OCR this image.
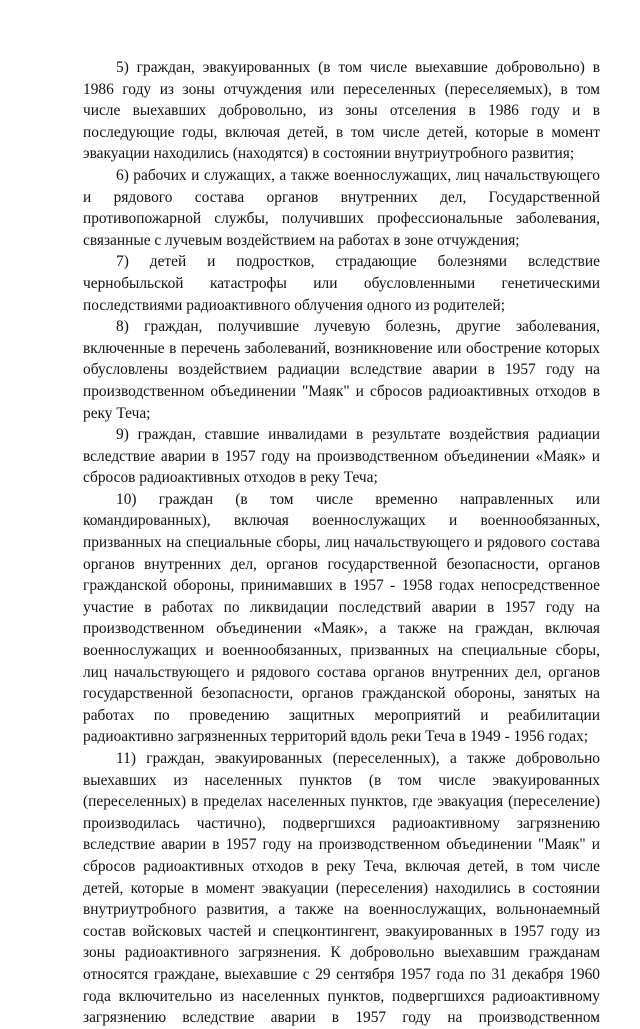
5) граждан, эвакуированных (в том числе выехавшие добровольно) в
1986 году из зоны отчуждения или переселенных (переселяемых), в том
числе выехавших добровольно, из зоны отселения в 1986 году и в
последующие годы, включая детей, в том числе детей, которые в момент
эвакуации находились (находятся) в состоянии внутриутробного развития;
6) рабочих и служащих, а также военнослужащих, лиц начальствующего
и рядового состава органов внутренних дел, Государственной
противопожарной службы, получивших профессиональные заболевания,
связанные с лучевым воздействием на работах в зоне отчуждения;
7) детей и подростков, страдающие болезнями вследствие
чернобыльской катастрофы или обусловленными генетическими
последствиями радиоактивного облучения одного из родителей;
8) граждан, получившие лучевую болезнь, другие заболевания,
включенные в перечень заболеваний, возникновение или обострение которых
обусловлены воздействием радиации вследствие аварии в 1957 году на
производственном объединении "Маяк" и сбросов радиоактивных отходов в
реку Теча;
9) граждан, ставшие инвалидами в результате воздействия радиации
вследствие аварии в 1957 году на производственном объединении «Маяк» и
сбросов радиоактивных отходов в реку Теча;
10) граждан (в том числе временно направленных или
командированных), включая военнослужащих и военнообязанных,
призванных на специальные сборы, лиц начальствующего и рядового состава
органов внутренних дел, органов государственной безопасности, органов
гражданской обороны, принимавших в 1957 - 1958 годах непосредственное
участие в работах по ликвидации последствий аварии в 1957 году на
производственном объединении «Маяк», а также на граждан, включая
военнослужащих и военнообязанных, призванных на специальные сборы,
лиц начальствующего и рядового состава органов внутренних дел, органов
государственной безопасности, органов гражданской обороны, занятых на
работах по проведению защитных мероприятий и реабилитации
радиоактивно загрязненных территорий вдоль реки Теча в 1949 - 1956 годах;
11) граждан, эвакуированных (переселенных), а также добровольно
выехавших из населенных пунктов (в том числе эвакуированных
(переселенных) в пределах населенных пунктов, где эвакуация (переселение)
производилась частично), подвергшихся радиоактивному загрязнению
вследствие аварии в 1957 году на производственном объединении "Маяк" и
сбросов радиоактивных отходов в реку Теча, включая детей, в том числе
детей, которые в момент эвакуации (переселения) находились в состоянии
внутриутробного развития, а также на военнослужащих, вольнонаемный
состав войсковых частей и спецконтингент, эвакуированных в 1957 году из
зоны радиоактивного загрязнения. К добровольно выехавшим гражданам
относятся граждане, выехавшие с 29 сентября 1957 года по 31 декабря 1960
года включительно из населенных пунктов, подвергшихся радиоактивному
загрязнению вследствие аварии в 1957 году на производственном
